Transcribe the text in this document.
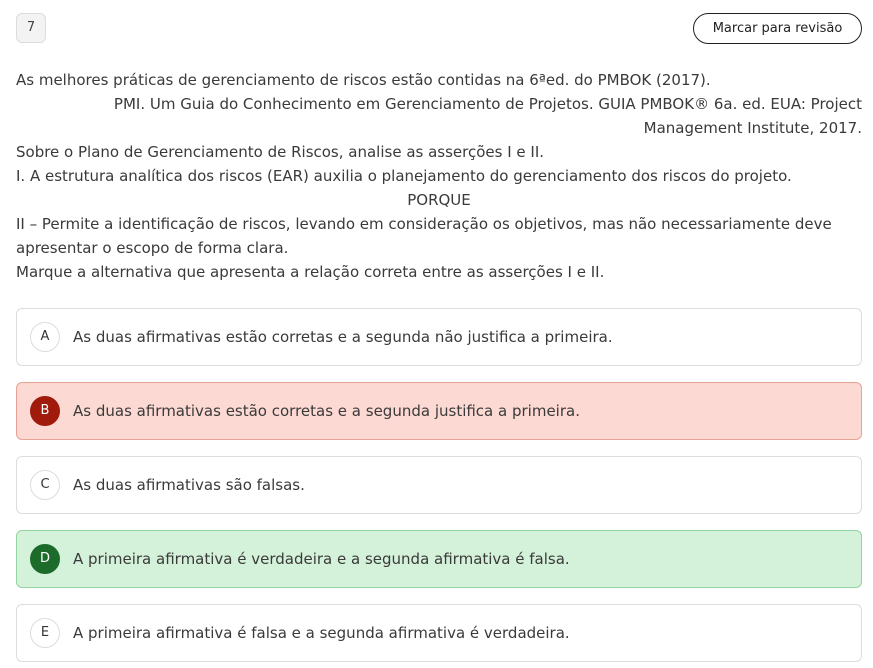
7	Marcar para revisão

As melhores práticas de gerenciamento de riscos estão contidas na 6ªed. do PMBOK (2017).

PMI. Um Guia do Conhecimento em Gerenciamento de Projetos. GUIA PMBOK® 6a. ed. EUA: Project Management Institute, 2017.

Sobre o Plano de Gerenciamento de Riscos, analise as asserções I e II.

I. A estrutura analítica dos riscos (EAR) auxilia o planejamento do gerenciamento dos riscos do projeto.

PORQUE

II – Permite a identificação de riscos, levando em consideração os objetivos, mas não necessariamente deve apresentar o escopo de forma clara.

Marque a alternativa que apresenta a relação correta entre as asserções I e II.

A	As duas afirmativas estão corretas e a segunda não justifica a primeira.
B	As duas afirmativas estão corretas e a segunda justifica a primeira.
C	As duas afirmativas são falsas.
D	A primeira afirmativa é verdadeira e a segunda afirmativa é falsa.
E	A primeira afirmativa é falsa e a segunda afirmativa é verdadeira.
